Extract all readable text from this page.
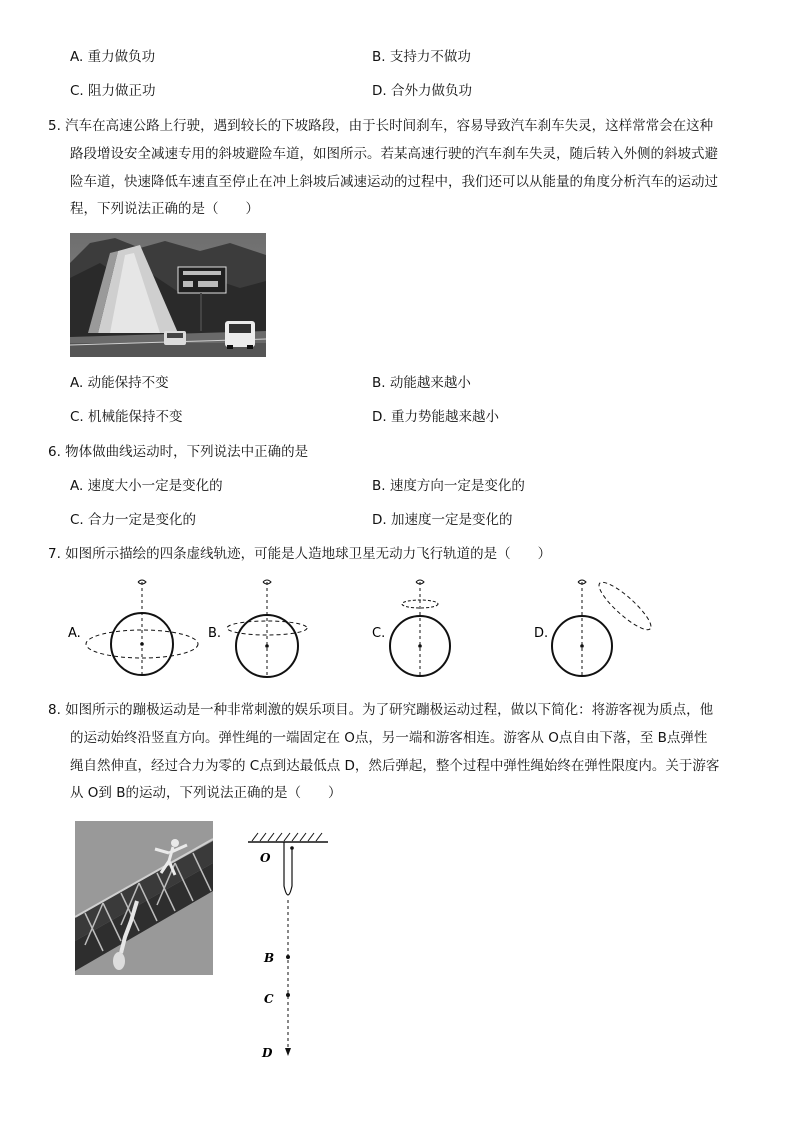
A. 重力做负功	B. 支持力不做功
C. 阻力做正功	D. 合外力做负功
5. 汽车在高速公路上行驶，遇到较长的下坡路段，由于长时间刹车，容易导致汽车刹车失灵，这样常常会在这种
路段增设安全减速专用的斜坡避险车道，如图所示。若某高速行驶的汽车刹车失灵，随后转入外侧的斜坡式避
险车道，快速降低车速直至停止在冲上斜坡后减速运动的过程中，我们还可以从能量的角度分析汽车的运动过
程，下列说法正确的是（　　）
A. 动能保持不变	B. 动能越来越小
C. 机械能保持不变	D. 重力势能越来越小
6. 物体做曲线运动时，下列说法中正确的是
A. 速度大小一定是变化的	B. 速度方向一定是变化的
C. 合力一定是变化的	D. 加速度一定是变化的
7. 如图所示描绘的四条虚线轨迹，可能是人造地球卫星无动力飞行轨道的是（　　）
A.	B.	C.	D.
8. 如图所示的蹦极运动是一种非常刺激的娱乐项目。为了研究蹦极运动过程，做以下简化：将游客视为质点，他
的运动始终沿竖直方向。弹性绳的一端固定在 O点，另一端和游客相连。游客从 O点自由下落，至 B点弹性
绳自然伸直，经过合力为零的 C点到达最低点 D，然后弹起，整个过程中弹性绳始终在弹性限度内。关于游客
从 O到 B的运动，下列说法正确的是（　　）
O
B
C
D
